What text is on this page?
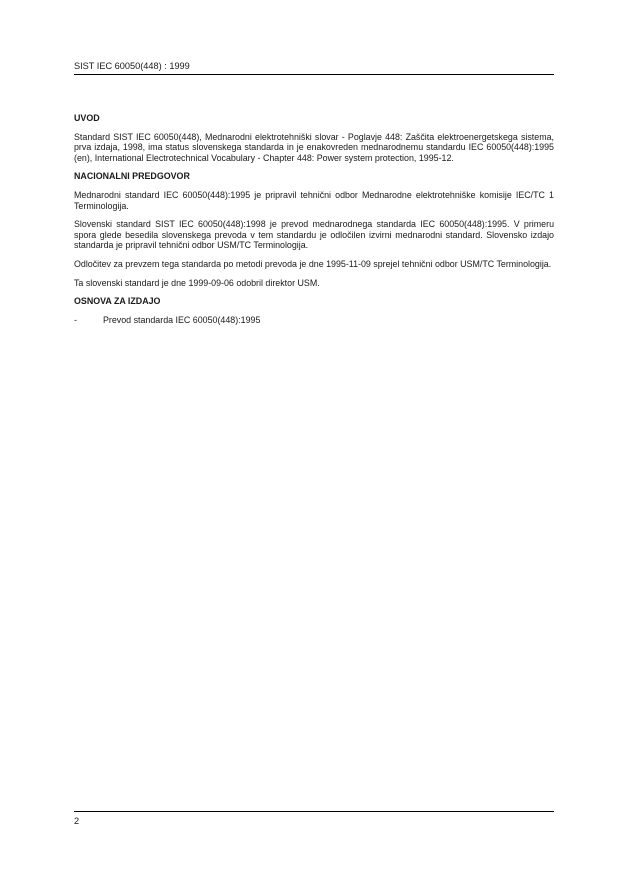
SIST IEC 60050(448) : 1999
UVOD

Standard SIST IEC 60050(448), Mednarodni elektrotehniški slovar - Poglavje 448: Zaščita elektroenergetskega sistema, prva izdaja, 1998, ima status slovenskega standarda in je enakovreden mednarodnemu standardu IEC 60050(448):1995 (en), International Electrotechnical Vocabulary - Chapter 448: Power system protection, 1995-12.

NACIONALNI PREDGOVOR

Mednarodni standard IEC 60050(448):1995 je pripravil tehnični odbor Mednarodne elektrotehniške komisije IEC/TC 1 Terminologija.

Slovenski standard SIST IEC 60050(448):1998 je prevod mednarodnega standarda IEC 60050(448):1995. V primeru spora glede besedila slovenskega prevoda v tem standardu je odločilen izvirni mednarodni standard. Slovensko izdajo standarda je pripravil tehnični odbor USM/TC Terminologija.

Odločitev za prevzem tega standarda po metodi prevoda je dne 1995-11-09 sprejel tehnični odbor USM/TC Terminologija.

Ta slovenski standard je dne 1999-09-06 odobril direktor USM.

OSNOVA ZA IZDAJO
-	Prevod standarda IEC 60050(448):1995
2
